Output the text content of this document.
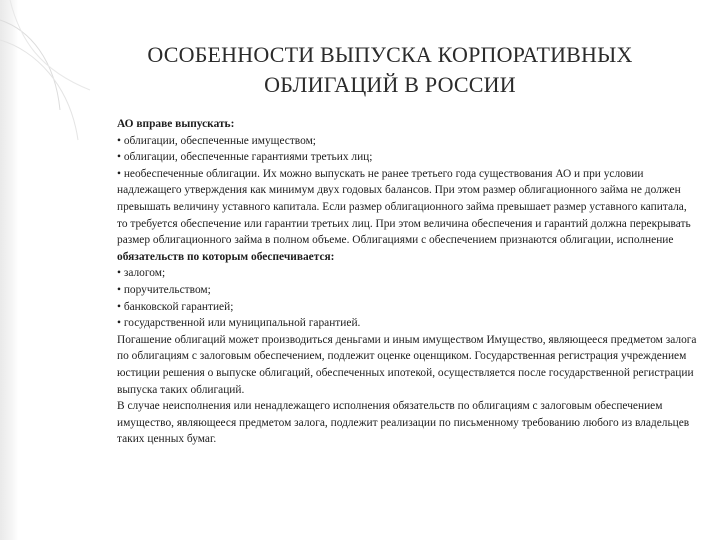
ОСОБЕННОСТИ ВЫПУСКА КОРПОРАТИВНЫХ
ОБЛИГАЦИЙ В РОССИИ

АО вправе выпускать:

• облигации, обеспеченные имуществом;

• облигации, обеспеченные гарантиями третьих лиц;

• необеспеченные облигации. Их можно выпускать не ранее третьего года существования АО и при условии надлежащего утверждения как минимум двух годовых балансов. При этом размер облигационного займа не должен превышать величину уставного капитала. Если размер облигационного займа превышает размер уставного капитала, то требуется обеспечение или гарантии третьих лиц. При этом величина обеспечения и гарантий должна перекрывать размер облигационного займа в полном объеме. Облигациями с обеспечением признаются облигации, исполнение обязательств по которым обеспечивается:

• залогом;

• поручительством;

• банковской гарантией;

• государственной или муниципальной гарантией.

Погашение облигаций может производиться деньгами и иным имуществом Имущество, являющееся предметом залога по облигациям с залоговым обеспечением, подлежит оценке оценщиком. Государственная регистрация учреждением юстиции решения о выпуске облигаций, обеспеченных ипотекой, осуществляется после государственной регистрации выпуска таких облигаций.

В случае неисполнения или ненадлежащего исполнения обязательств по облигациям с залоговым обеспечением имущество, являющееся предметом залога, подлежит реализации по письменному требованию любого из владельцев таких ценных бумаг.
